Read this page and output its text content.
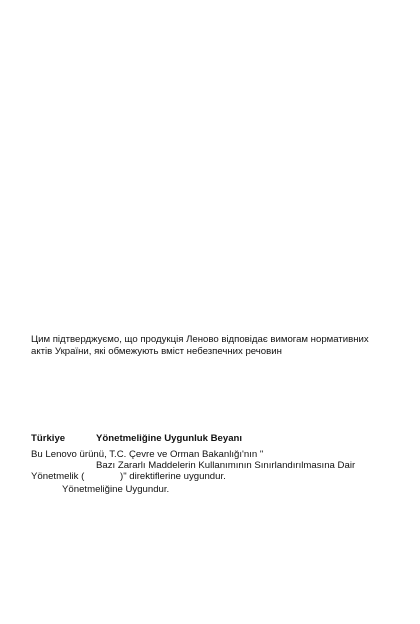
Цим підтверджуємо, що продукція Леново відповідає вимогам нормативних
актів України, які обмежують вміст небезпечних речовин
Türkiye	Yönetmeliğine Uygunluk Beyanı
Bu Lenovo ürünü, T.C. Çevre ve Orman Bakanlığı'nın "
Bazı Zararlı Maddelerin Kullanımının Sınırlandırılmasına Dair
Yönetmelik (	)" direktiflerine uygundur.
Yönetmeliğine Uygundur.
